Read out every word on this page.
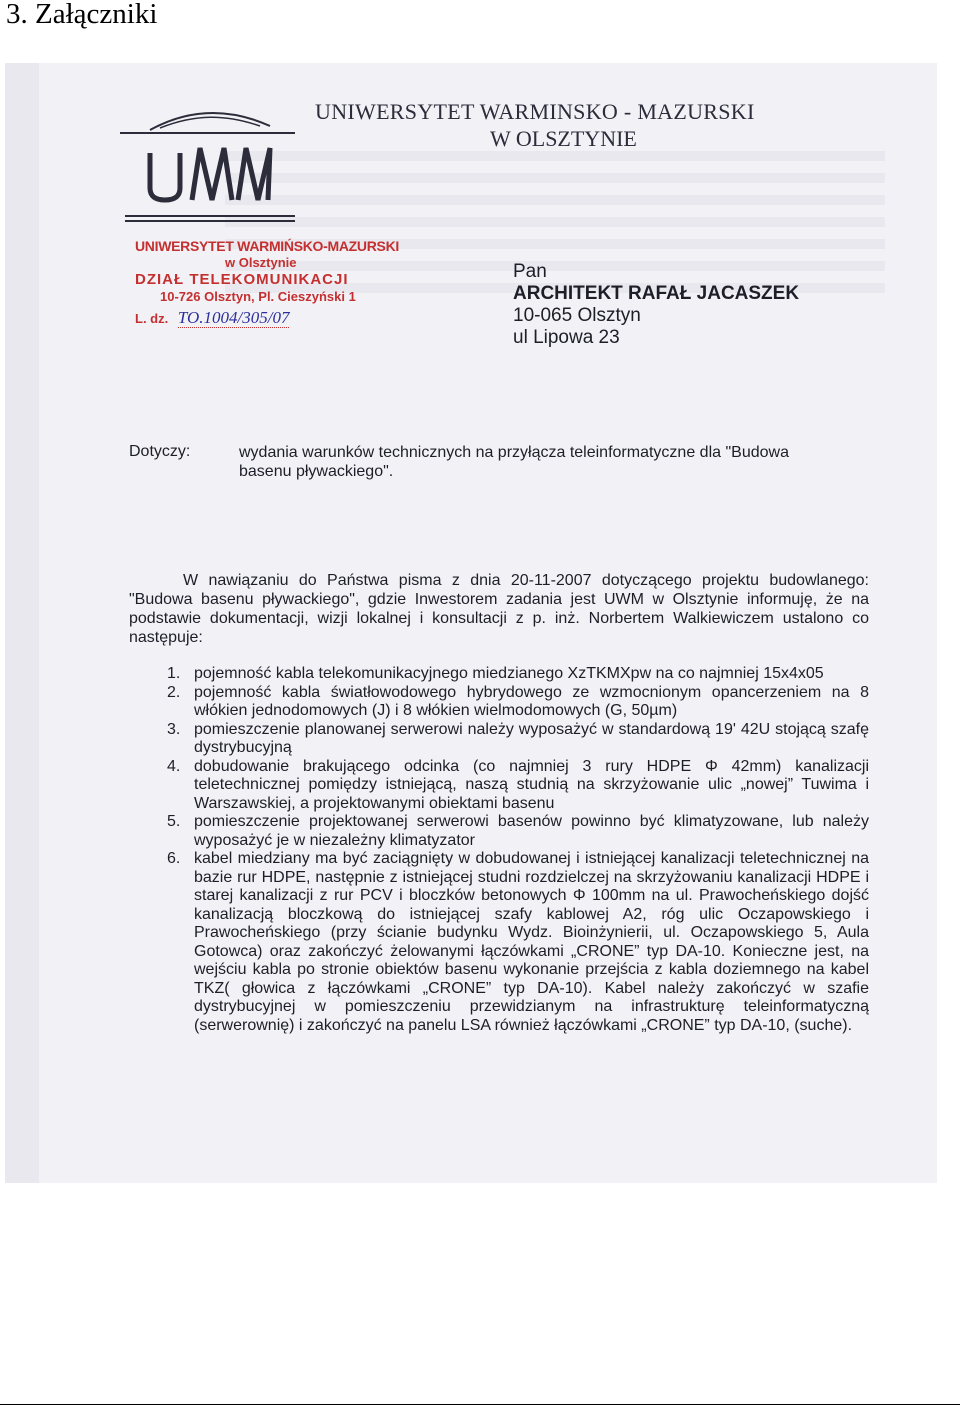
3. Załączniki
UNIWERSYTET WARMINSKO - MAZURSKI
W OLSZTYNIE
UNIWERSYTET WARMIŃSKO-MAZURSKI
w Olsztynie
DZIAŁ TELEKOMUNIKACJI
10-726 Olsztyn, Pl. Cieszyński 1
L. dz. TO.1004/305/07
Pan
ARCHITEKT RAFAŁ JACASZEK
10-065 Olsztyn
ul Lipowa 23
Dotyczy:	wydania warunków technicznych na przyłącza teleinformatyczne dla "Budowa basenu pływackiego".
W nawiązaniu do Państwa pisma z dnia 20-11-2007 dotyczącego projektu budowlanego: "Budowa basenu pływackiego", gdzie Inwestorem zadania jest UWM w Olsztynie informuję, że na podstawie dokumentacji, wizji lokalnej i konsultacji z p. inż. Norbertem Walkiewiczem ustalono co następuje:
1. pojemność kabla telekomunikacyjnego miedzianego XzTKMXpw na co najmniej 15x4x05
2. pojemność kabla światłowodowego hybrydowego ze wzmocnionym opancerzeniem na 8 włókien jednodomowych (J) i 8 włókien wielmodomowych (G, 50µm)
3. pomieszczenie planowanej serwerowi należy wyposażyć w standardową 19' 42U stojącą szafę dystrybucyjną
4. dobudowanie brakującego odcinka (co najmniej 3 rury HDPE Φ 42mm) kanalizacji teletechnicznej pomiędzy istniejącą, naszą studnią na skrzyżowanie ulic „nowej” Tuwima i Warszawskiej, a projektowanymi obiektami basenu
5. pomieszczenie projektowanej serwerowi basenów powinno być klimatyzowane, lub należy wyposażyć je w niezależny klimatyzator
6. kabel miedziany ma być zaciągnięty w dobudowanej i istniejącej kanalizacji teletechnicznej na bazie rur HDPE, następnie z istniejącej studni rozdzielczej na skrzyżowaniu kanalizacji HDPE i starej kanalizacji z rur PCV i bloczków betonowych Φ 100mm na ul. Prawocheńskiego dojść kanalizacją bloczkową do istniejącej szafy kablowej A2, róg ulic Oczapowskiego i Prawocheńskiego (przy ścianie budynku Wydz. Bioinżynierii, ul. Oczapowskiego 5, Aula Gotowca) oraz zakończyć żelowanymi łączówkami „CRONE” typ DA-10. Konieczne jest, na wejściu kabla po stronie obiektów basenu wykonanie przejścia z kabla doziemnego na kabel TKZ( głowica z łączówkami „CRONE” typ DA-10). Kabel należy zakończyć w szafie dystrybucyjnej w pomieszczeniu przewidzianym na infrastrukturę teleinformatyczną (serwerownię) i zakończyć na panelu LSA również łączówkami „CRONE” typ DA-10, (suche).
